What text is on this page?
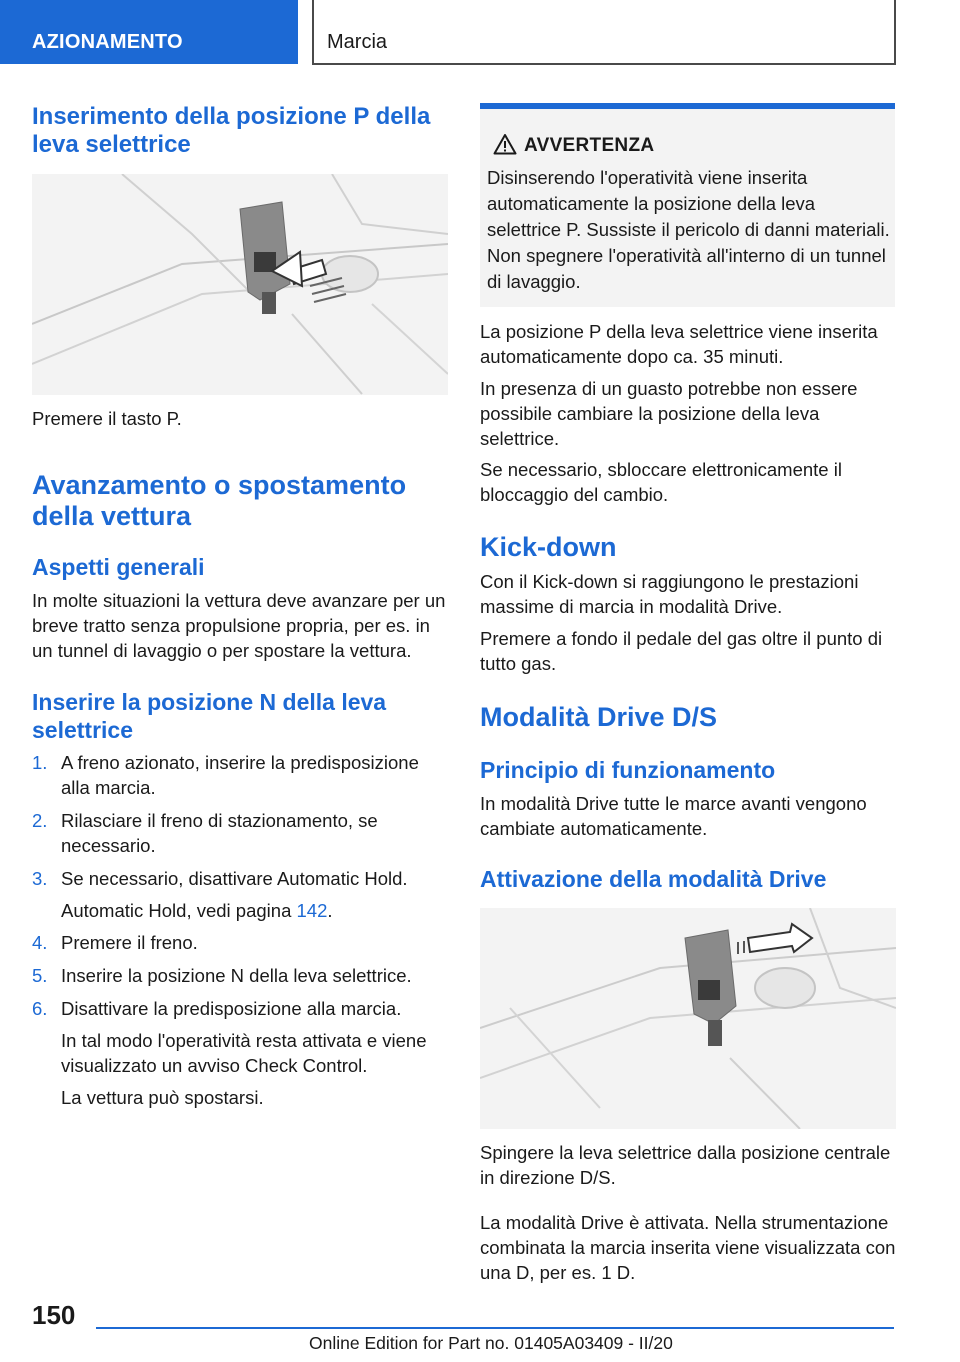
AZIONAMENTO	Marcia
Inserimento della posizione P della leva selettrice
Premere il tasto P.
Avanzamento o spostamento della vettura
Aspetti generali
In molte situazioni la vettura deve avanzare per un breve tratto senza propulsione propria, per es. in un tunnel di lavaggio o per spostare la vettura.
Inserire la posizione N della leva selettrice
1. A freno azionato, inserire la predisposizione alla marcia.
2. Rilasciare il freno di stazionamento, se necessario.
3. Se necessario, disattivare Automatic Hold.
Automatic Hold, vedi pagina 142.
4. Premere il freno.
5. Inserire la posizione N della leva selettrice.
6. Disattivare la predisposizione alla marcia.
In tal modo l'operatività resta attivata e viene visualizzato un avviso Check Control.
La vettura può spostarsi.
AVVERTENZA
Disinserendo l'operatività viene inserita automaticamente la posizione della leva selettrice P. Sussiste il pericolo di danni materiali. Non spegnere l'operatività all'interno di un tunnel di lavaggio.
La posizione P della leva selettrice viene inserita automaticamente dopo ca. 35 minuti.
In presenza di un guasto potrebbe non essere possibile cambiare la posizione della leva selettrice.
Se necessario, sbloccare elettronicamente il bloccaggio del cambio.
Kick-down
Con il Kick-down si raggiungono le prestazioni massime di marcia in modalità Drive.
Premere a fondo il pedale del gas oltre il punto di tutto gas.
Modalità Drive D/S
Principio di funzionamento
In modalità Drive tutte le marce avanti vengono cambiate automaticamente.
Attivazione della modalità Drive
Spingere la leva selettrice dalla posizione centrale in direzione D/S.
La modalità Drive è attivata. Nella strumentazione combinata la marcia inserita viene visualizzata con una D, per es. 1 D.
150
Online Edition for Part no. 01405A03409 - II/20
